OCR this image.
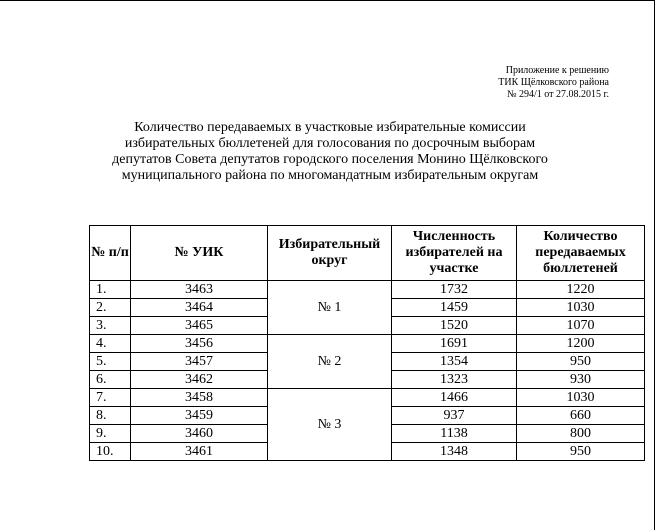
Приложение к решению
ТИК Щёлковского района
№ 294/1 от 27.08.2015 г.
Количество передаваемых в участковые избирательные комиссии
избирательных бюллетеней для голосования по досрочным выборам
депутатов Совета депутатов городского поселения Монино Щёлковского
муниципального района по многомандатным избирательным округам
№ п/п	№ УИК	Избирательный округ	Численность избирателей на участке	Количество передаваемых бюллетеней
1.	3463	№ 1	1732	1220
2.	3464		1459	1030
3.	3465		1520	1070
4.	3456	№ 2	1691	1200
5.	3457		1354	950
6.	3462		1323	930
7.	3458	№ 3	1466	1030
8.	3459		937	660
9.	3460		1138	800
10.	3461		1348	950
